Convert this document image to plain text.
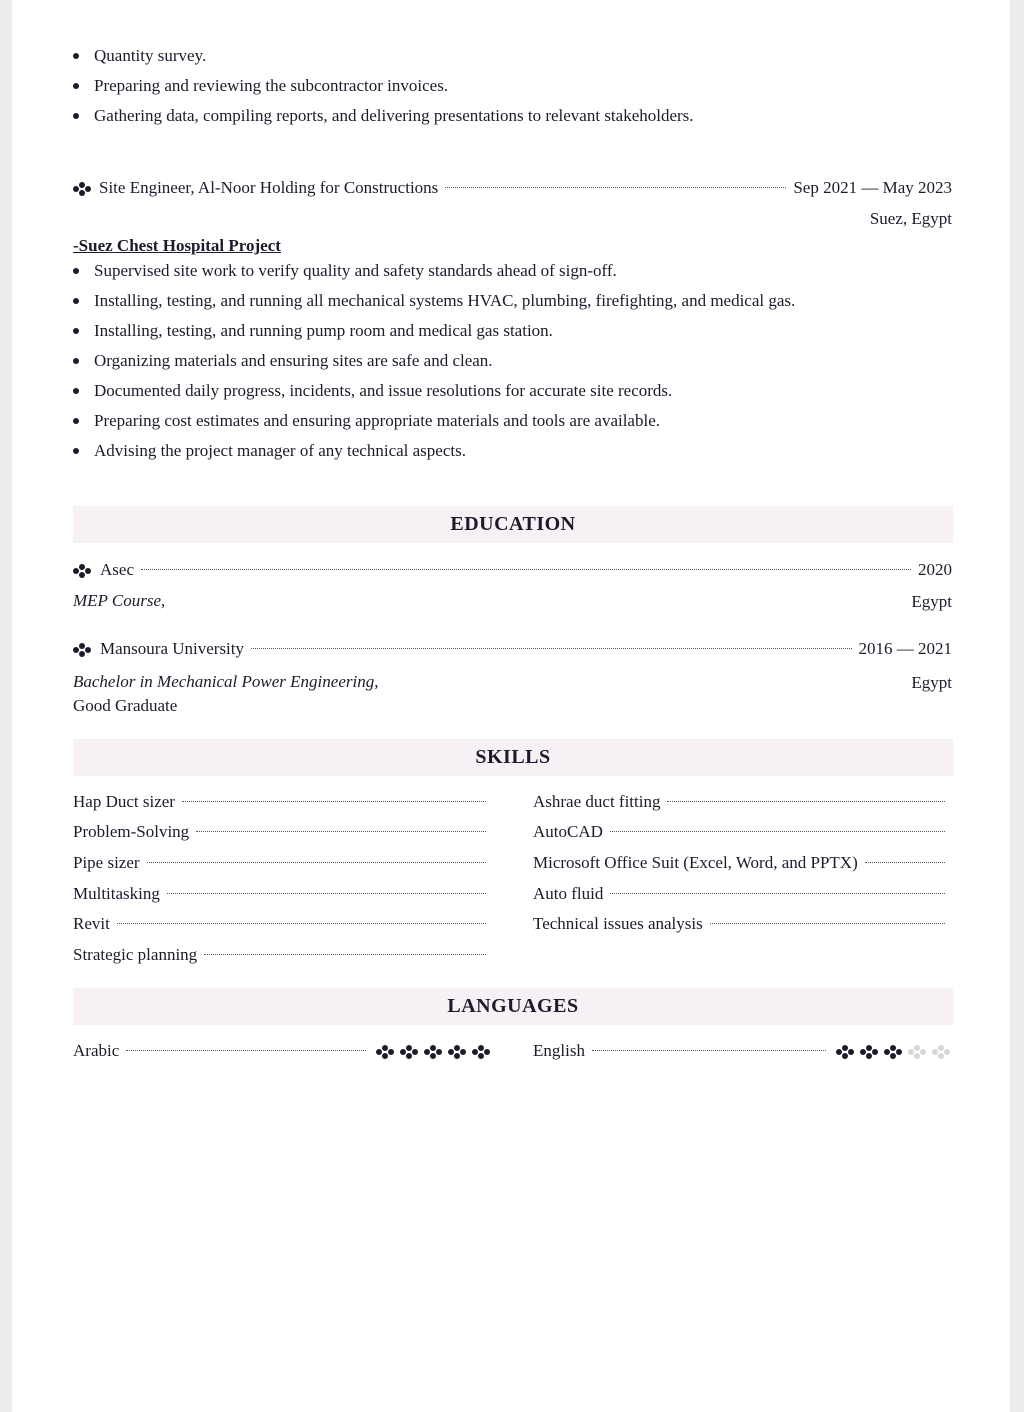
Quantity survey.
Preparing and reviewing the subcontractor invoices.
Gathering data, compiling reports, and delivering presentations to relevant stakeholders.
Site Engineer, Al-Noor Holding for Constructions	Sep 2021 — May 2023
Suez, Egypt
-Suez Chest Hospital Project
Supervised site work to verify quality and safety standards ahead of sign-off.
Installing, testing, and running all mechanical systems HVAC, plumbing, firefighting, and medical gas.
Installing, testing, and running pump room and medical gas station.
Organizing materials and ensuring sites are safe and clean.
Documented daily progress, incidents, and issue resolutions for accurate site records.
Preparing cost estimates and ensuring appropriate materials and tools are available.
Advising the project manager of any technical aspects.
EDUCATION
Asec	2020
MEP Course,	Egypt
Mansoura University	2016 — 2021
Bachelor in Mechanical Power Engineering,	Egypt
Good Graduate
SKILLS
Hap Duct sizer
Problem-Solving
Pipe sizer
Multitasking
Revit
Strategic planning
Ashrae duct fitting
AutoCAD
Microsoft Office Suit (Excel, Word, and PPTX)
Auto fluid
Technical issues analysis
LANGUAGES
Arabic	English
